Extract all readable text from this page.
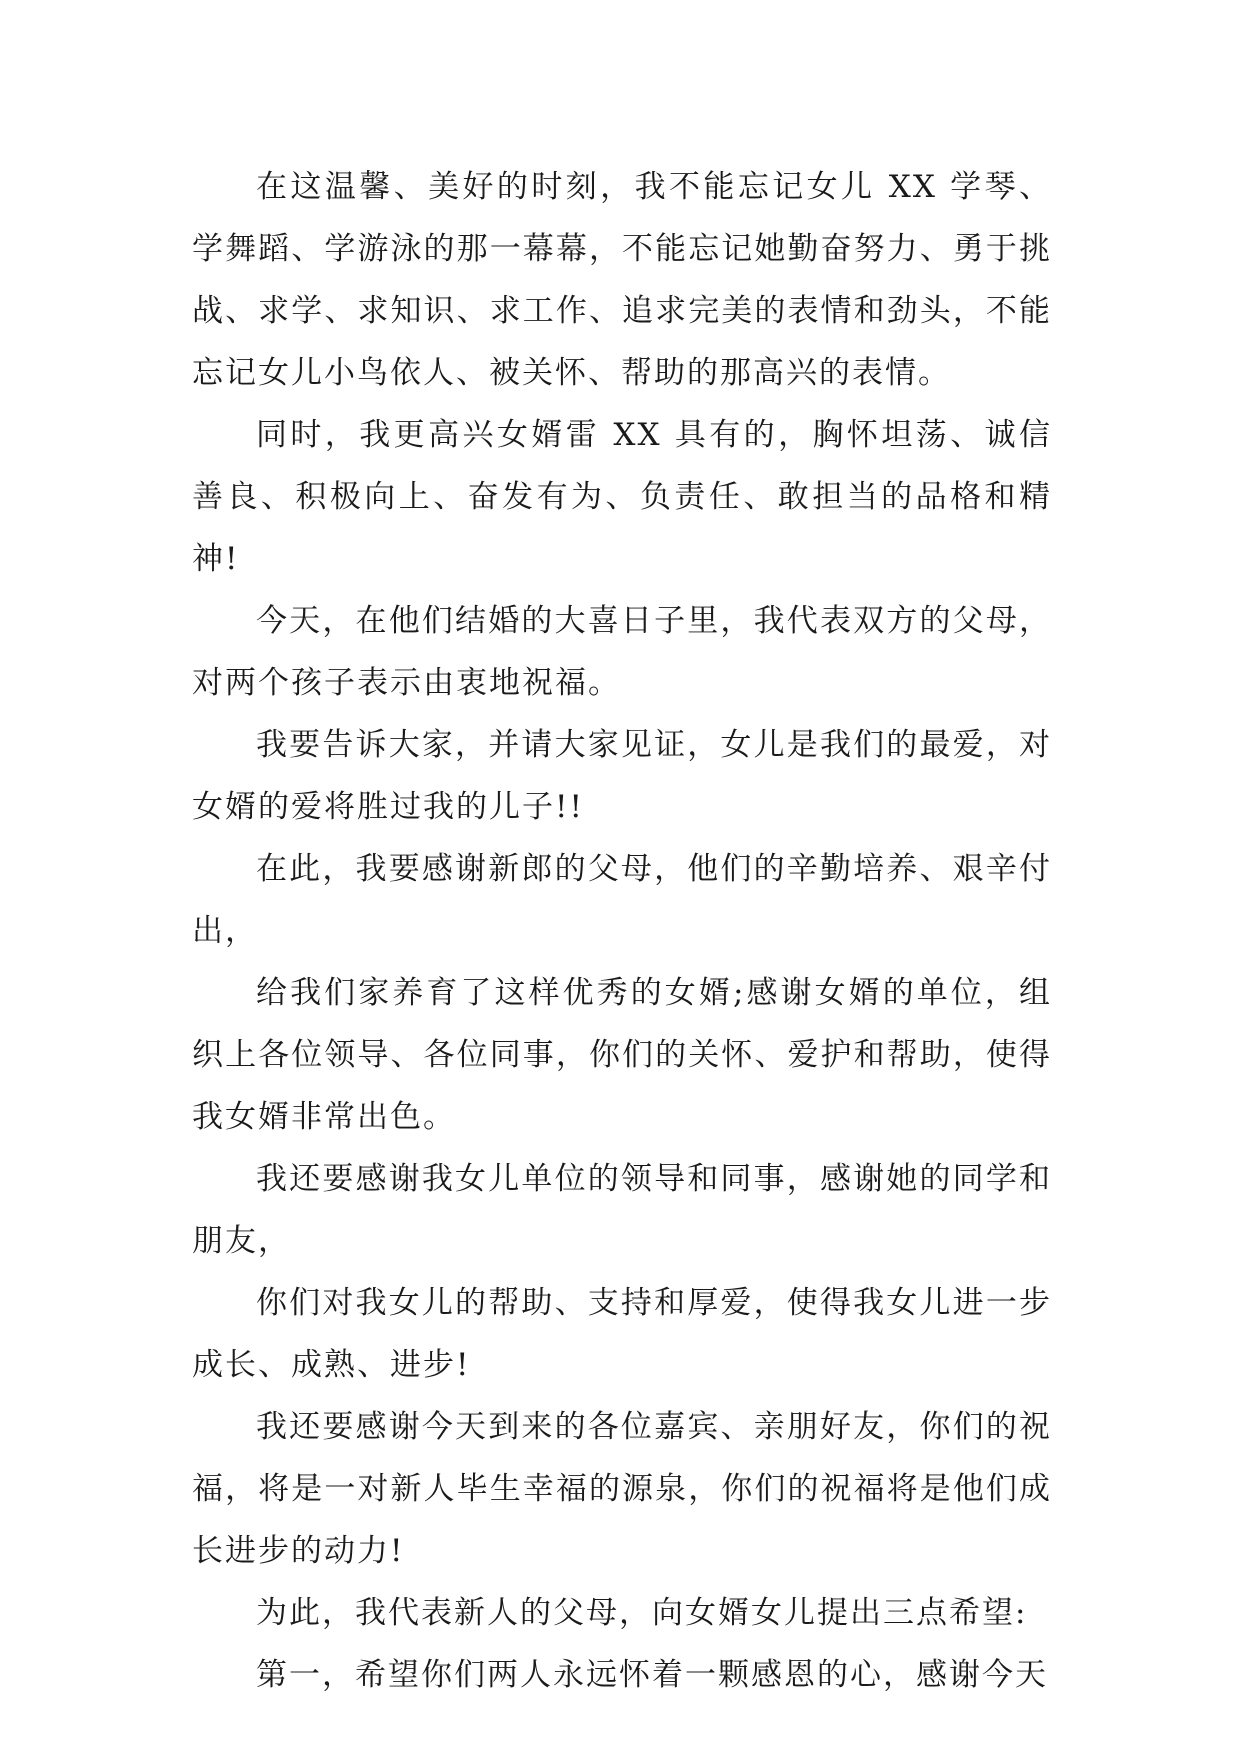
在这温馨、美好的时刻，我不能忘记女儿 XX 学琴、学舞蹈、学游泳的那一幕幕，不能忘记她勤奋努力、勇于挑战、求学、求知识、求工作、追求完美的表情和劲头，不能忘记女儿小鸟依人、被关怀、帮助的那高兴的表情。

同时，我更高兴女婿雷 XX 具有的，胸怀坦荡、诚信善良、积极向上、奋发有为、负责任、敢担当的品格和精神!

今天，在他们结婚的大喜日子里，我代表双方的父母，对两个孩子表示由衷地祝福。

我要告诉大家，并请大家见证，女儿是我们的最爱，对女婿的爱将胜过我的儿子!!

在此，我要感谢新郎的父母，他们的辛勤培养、艰辛付出，

给我们家养育了这样优秀的女婿;感谢女婿的单位，组织上各位领导、各位同事，你们的关怀、爱护和帮助，使得我女婿非常出色。

我还要感谢我女儿单位的领导和同事，感谢她的同学和朋友，

你们对我女儿的帮助、支持和厚爱，使得我女儿进一步成长、成熟、进步!

我还要感谢今天到来的各位嘉宾、亲朋好友，你们的祝福，将是一对新人毕生幸福的源泉，你们的祝福将是他们成长进步的动力!

为此，我代表新人的父母，向女婿女儿提出三点希望:

第一，希望你们两人永远怀着一颗感恩的心，感谢今天
